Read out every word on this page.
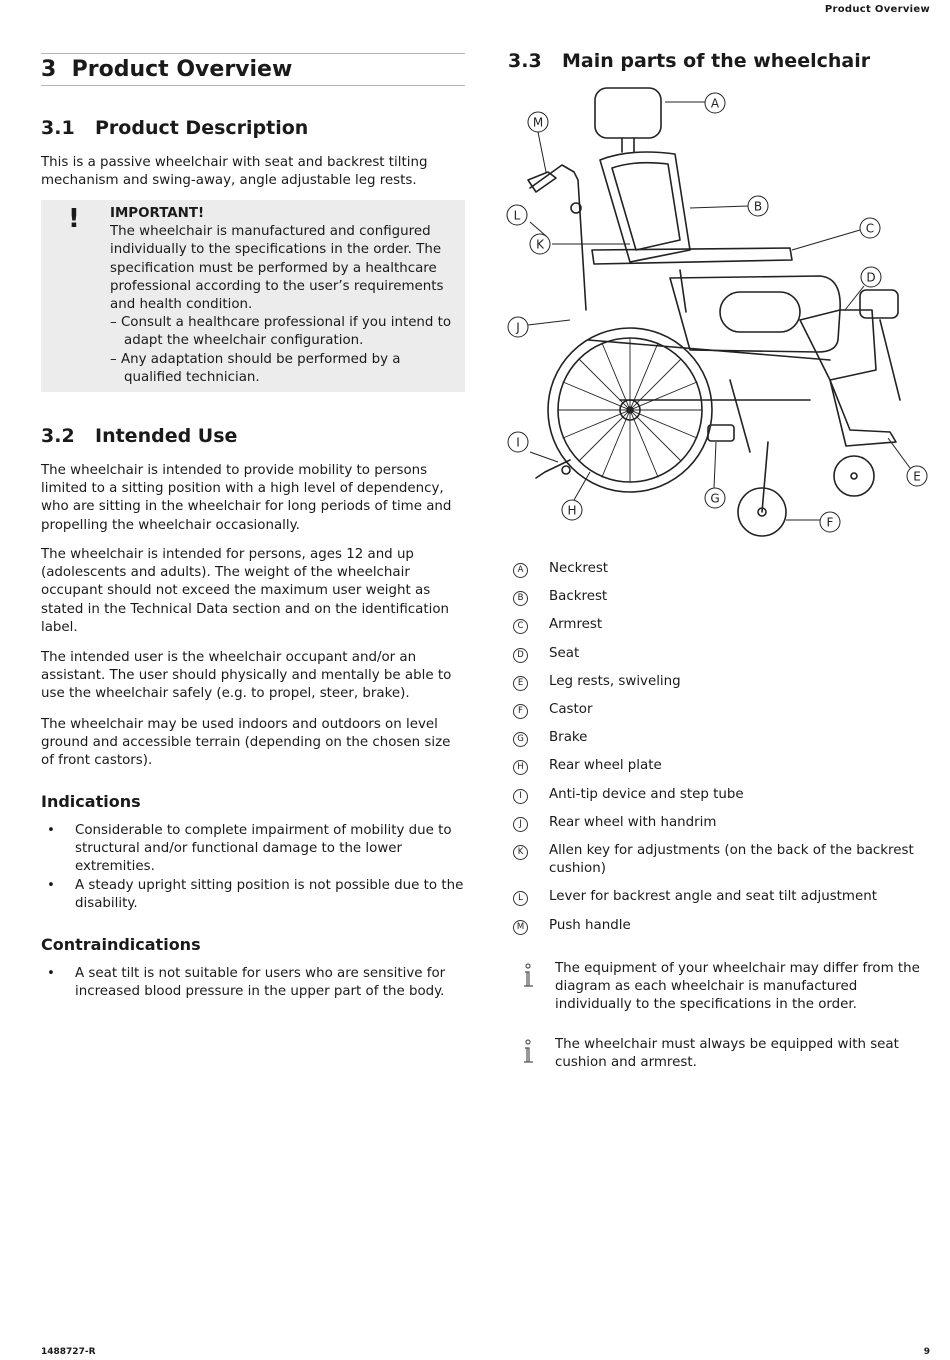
Product Overview
3 Product Overview
3.1 Product Description
This is a passive wheelchair with seat and backrest tilting mechanism and swing-away, angle adjustable leg rests.
! IMPORTANT!
The wheelchair is manufactured and configured individually to the specifications in the order. The specification must be performed by a healthcare professional according to the user’s requirements and health condition.
– Consult a healthcare professional if you intend to adapt the wheelchair configuration.
– Any adaptation should be performed by a qualified technician.
3.2 Intended Use
The wheelchair is intended to provide mobility to persons limited to a sitting position with a high level of dependency, who are sitting in the wheelchair for long periods of time and propelling the wheelchair occasionally.
The wheelchair is intended for persons, ages 12 and up (adolescents and adults). The weight of the wheelchair occupant should not exceed the maximum user weight as stated in the Technical Data section and on the identification label.
The intended user is the wheelchair occupant and/or an assistant. The user should physically and mentally be able to use the wheelchair safely (e.g. to propel, steer, brake).
The wheelchair may be used indoors and outdoors on level ground and accessible terrain (depending on the chosen size of front castors).
Indications
• Considerable to complete impairment of mobility due to structural and/or functional damage to the lower extremities.
• A steady upright sitting position is not possible due to the disability.
Contraindications
• A seat tilt is not suitable for users who are sensitive for increased blood pressure in the upper part of the body.
3.3 Main parts of the wheelchair
A
B
C
D
E
F
G
H
I
J
K
L
M
A	Neckrest
B	Backrest
C	Armrest
D	Seat
E	Leg rests, swiveling
F	Castor
G	Brake
H	Rear wheel plate
I	Anti-tip device and step tube
J	Rear wheel with handrim
K	Allen key for adjustments (on the back of the backrest cushion)
L	Lever for backrest angle and seat tilt adjustment
M Push handle
The equipment of your wheelchair may differ from the diagram as each wheelchair is manufactured individually to the specifications in the order.
The wheelchair must always be equipped with seat cushion and armrest.
1488727-R	9
